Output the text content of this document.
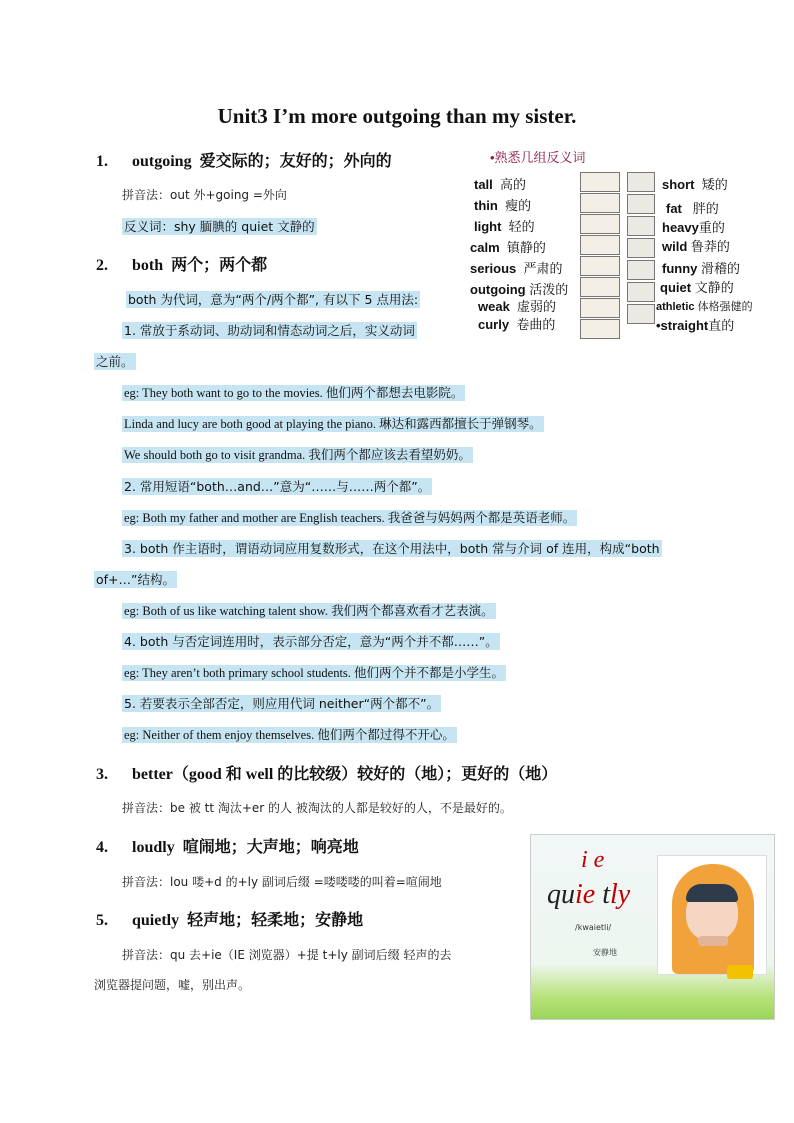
Unit3 I’m more outgoing than my sister.
1. outgoing 爱交际的；友好的；外向的
拼音法：out 外+going =外向
反义词：shy 腼腆的 quiet 文静的
2. both 两个；两个都
both 为代词，意为“两个/两个都”, 有以下 5 点用法:
1. 常放于系动词、助动词和情态动词之后，实义动词
之前。
eg: They both want to go to the movies. 他们两个都想去电影院。
Linda and lucy are both good at playing the piano. 琳达和露西都擅长于弹钢琴。
We should both go to visit grandma. 我们两个都应该去看望奶奶。
2. 常用短语“both…and…”意为“……与……两个都”。
eg: Both my father and mother are English teachers. 我爸爸与妈妈两个都是英语老师。
3. both 作主语时，谓语动词应用复数形式，在这个用法中，both 常与介词 of 连用，构成“both
of+…”结构。
eg: Both of us like watching talent show. 我们两个都喜欢看才艺表演。
4. both 与否定词连用时，表示部分否定，意为“两个并不都……”。
eg: They aren’t both primary school students. 他们两个并不都是小学生。
5. 若要表示全部否定，则应用代词 neither“两个都不”。
eg: Neither of them enjoy themselves. 他们两个都过得不开心。
3. better（good 和 well 的比较级）较好的（地）；更好的（地）
拼音法：be 被 tt 淘汰+er 的人 被淘汰的人都是较好的人，不是最好的。
4. loudly 喧闹地；大声地；响亮地
拼音法：lou 喽+d 的+ly 副词后缀 =喽喽喽的叫着=喧闹地
5. quietly 轻声地；轻柔地；安静地
拼音法：qu 去+ie（IE 浏览器）+提 t+ly 副词后缀 轻声的去
浏览器提问题，嘘，别出声。
•熟悉几组反义词
tall 高的
thin 瘦的
light 轻的
calm 镇静的
serious 严肃的
outgoing 活泼的
weak 虚弱的
curly 卷曲的
short 矮的
fat 胖的
heavy重的
wild 鲁莽的
funny 滑稽的
quiet 文静的
athletic 体格强健的
•straight直的
i e
quie tly
/kwaietli/
安静地
